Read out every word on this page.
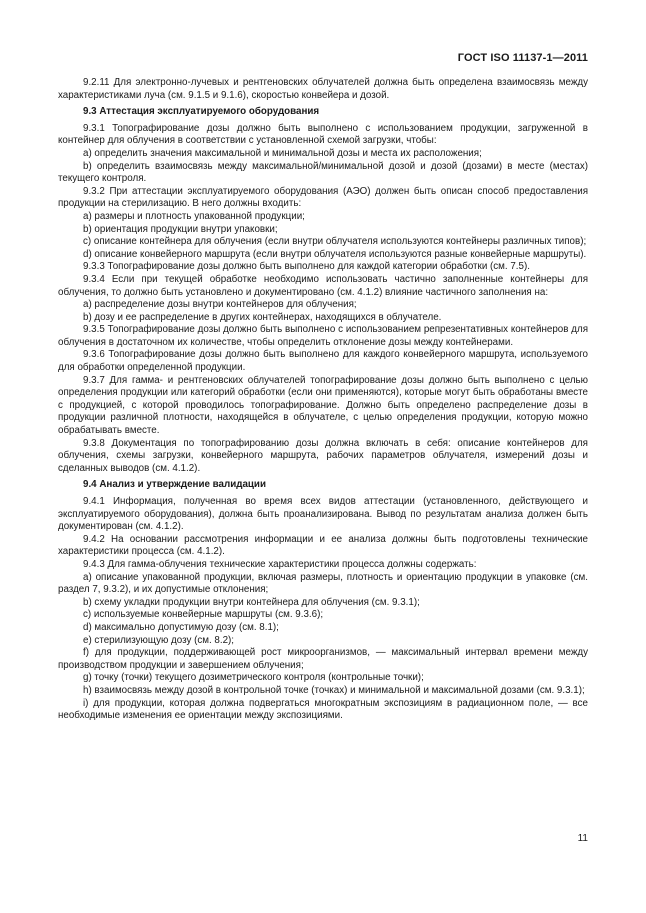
ГОСТ ISO 11137-1—2011

9.2.11 Для электронно-лучевых и рентгеновских облучателей должна быть определена взаимосвязь между характеристиками луча (см. 9.1.5 и 9.1.6), скоростью конвейера и дозой.

9.3 Аттестация эксплуатируемого оборудования

9.3.1 Топографирование дозы должно быть выполнено с использованием продукции, загруженной в контейнер для облучения в соответствии с установленной схемой загрузки, чтобы:

а) определить значения максимальной и минимальной дозы и места их расположения;

b) определить взаимосвязь между максимальной/минимальной дозой и дозой (дозами) в месте (местах) текущего контроля.

9.3.2 При аттестации эксплуатируемого оборудования (АЭО) должен быть описан способ предоставления продукции на стерилизацию. В него должны входить:

а) размеры и плотность упакованной продукции;

b) ориентация продукции внутри упаковки;

с) описание контейнера для облучения (если внутри облучателя используются контейнеры различных типов);

d) описание конвейерного маршрута (если внутри облучателя используются разные конвейерные маршруты).

9.3.3 Топографирование дозы должно быть выполнено для каждой категории обработки (см. 7.5).

9.3.4 Если при текущей обработке необходимо использовать частично заполненные контейнеры для облучения, то должно быть установлено и документировано (см. 4.1.2) влияние частичного заполнения на:

а) распределение дозы внутри контейнеров для облучения;

b) дозу и ее распределение в других контейнерах, находящихся в облучателе.

9.3.5 Топографирование дозы должно быть выполнено с использованием репрезентативных контейнеров для облучения в достаточном их количестве, чтобы определить отклонение дозы между контейнерами.

9.3.6 Топографирование дозы должно быть выполнено для каждого конвейерного маршрута, используемого для обработки определенной продукции.

9.3.7 Для гамма- и рентгеновских облучателей топографирование дозы должно быть выполнено с целью определения продукции или категорий обработки (если они применяются), которые могут быть обработаны вместе с продукцией, с которой проводилось топографирование. Должно быть определено распределение дозы в продукции различной плотности, находящейся в облучателе, с целью определения продукции, которую можно обрабатывать вместе.

9.3.8 Документация по топографированию дозы должна включать в себя: описание контейнеров для облучения, схемы загрузки, конвейерного маршрута, рабочих параметров облучателя, измерений дозы и сделанных выводов (см. 4.1.2).

9.4 Анализ и утверждение валидации

9.4.1 Информация, полученная во время всех видов аттестации (установленного, действующего и эксплуатируемого оборудования), должна быть проанализирована. Вывод по результатам анализа должен быть документирован (см. 4.1.2).

9.4.2 На основании рассмотрения информации и ее анализа должны быть подготовлены технические характеристики процесса (см. 4.1.2).

9.4.3 Для гамма-облучения технические характеристики процесса должны содержать:

а) описание упакованной продукции, включая размеры, плотность и ориентацию продукции в упаковке (см. раздел 7, 9.3.2), и их допустимые отклонения;

b) схему укладки продукции внутри контейнера для облучения (см. 9.3.1);

с) используемые конвейерные маршруты (см. 9.3.6);

d) максимально допустимую дозу (см. 8.1);

е) стерилизующую дозу (см. 8.2);

f) для продукции, поддерживающей рост микроорганизмов, — максимальный интервал времени между производством продукции и завершением облучения;

g) точку (точки) текущего дозиметрического контроля (контрольные точки);

h) взаимосвязь между дозой в контрольной точке (точках) и минимальной и максимальной дозами (см. 9.3.1);

i) для продукции, которая должна подвергаться многократным экспозициям в радиационном поле, — все необходимые изменения ее ориентации между экспозициями.

11
